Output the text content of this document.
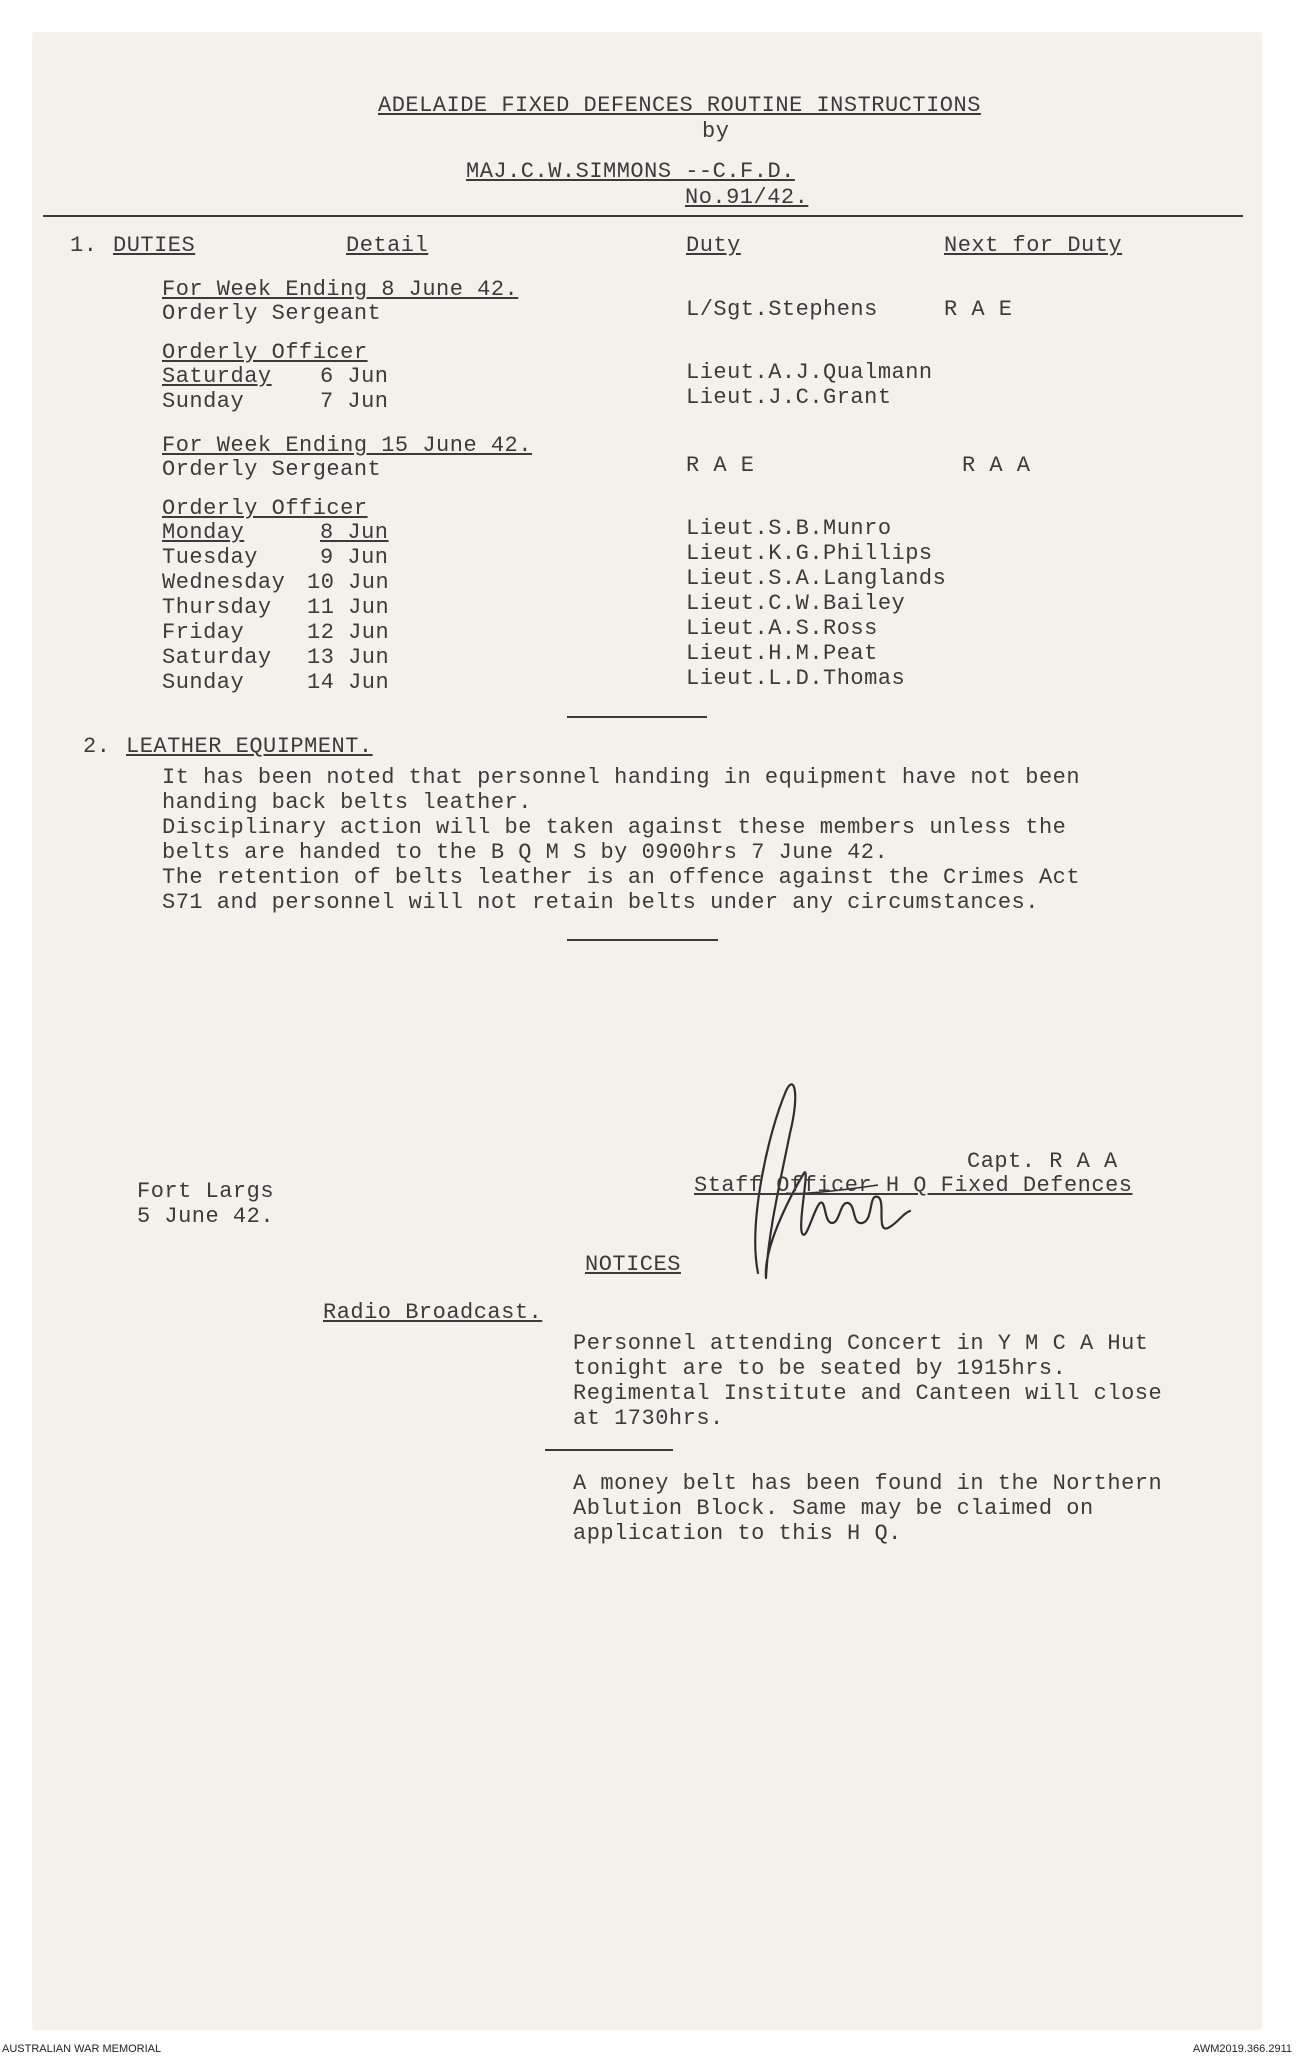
ADELAIDE FIXED DEFENCES ROUTINE INSTRUCTIONS
by
MAJ.C.W.SIMMONS --C.F.D.
No.91/42.
1. DUTIES	Detail	Duty	Next for Duty
For Week Ending 8 June 42.
Orderly Sergeant	L/Sgt.Stephens	R A E
Orderly Officer
Saturday 6 Jun	Lieut.A.J.Qualmann
Sunday	7 Jun	Lieut.J.C.Grant
For Week Ending 15 June 42.
Orderly Sergeant	R A E	R A A
Orderly Officer
Monday	8 Jun	Lieut.S.B.Munro
Tuesday	9 Jun	Lieut.K.G.Phillips
Wednesday 10 Jun	Lieut.S.A.Langlands
Thursday 11 Jun	Lieut.C.W.Bailey
Friday	12 Jun	Lieut.A.S.Ross
Saturday 13 Jun	Lieut.H.M.Peat
Sunday	14 Jun	Lieut.L.D.Thomas
2. LEATHER EQUIPMENT.
It has been noted that personnel handing in equipment have not been
handing back belts leather.
Disciplinary action will be taken against these members unless the
belts are handed to the B Q M S by 0900hrs 7 June 42.
The retention of belts leather is an offence against the Crimes Act
S71 and personnel will not retain belts under any circumstances.
Capt. R A A
Staff Officer H Q Fixed Defences
Fort Largs
5 June 42.
NOTICES
Radio Broadcast.
Personnel attending Concert in Y M C A Hut
tonight are to be seated by 1915hrs.
Regimental Institute and Canteen will close
at 1730hrs.
A money belt has been found in the Northern
Ablution Block. Same may be claimed on
application to this H Q.
AUSTRALIAN WAR MEMORIAL	AWM2019.366.2911
